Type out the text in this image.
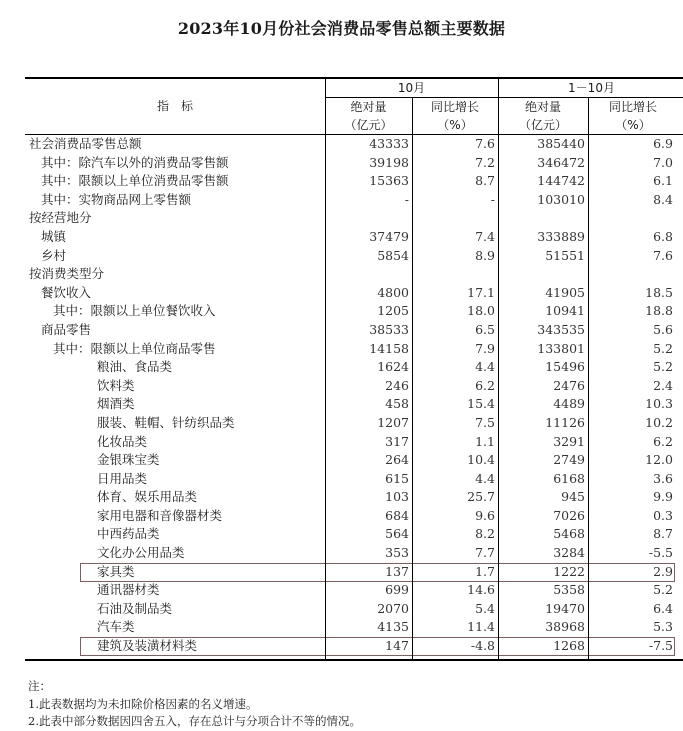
2023年10月份社会消费品零售总额主要数据
指　标
10月	1－10月
绝对量
（亿元）
同比增长
（%）
绝对量
（亿元）
同比增长
（%）
社会消费品零售总额	43333	7.6	385440	6.9
其中：除汽车以外的消费品零售额	39198	7.2	346472	7.0
其中：限额以上单位消费品零售额	15363	8.7	144742	6.1
其中：实物商品网上零售额	-	-	103010	8.4
按经营地分
城镇	37479	7.4	333889	6.8
乡村	5854	8.9	51551	7.6
按消费类型分
餐饮收入	4800	17.1	41905	18.5
其中：限额以上单位餐饮收入	1205	18.0	10941	18.8
商品零售	38533	6.5	343535	5.6
其中：限额以上单位商品零售	14158	7.9	133801	5.2
粮油、食品类	1624	4.4	15496	5.2
饮料类	246	6.2	2476	2.4
烟酒类	458	15.4	4489	10.3
服装、鞋帽、针纺织品类	1207	7.5	11126	10.2
化妆品类	317	1.1	3291	6.2
金银珠宝类	264	10.4	2749	12.0
日用品类	615	4.4	6168	3.6
体育、娱乐用品类	103	25.7	945	9.9
家用电器和音像器材类	684	9.6	7026	0.3
中西药品类	564	8.2	5468	8.7
文化办公用品类	353	7.7	3284	-5.5
家具类	137	1.7	1222	2.9
通讯器材类	699	14.6	5358	5.2
石油及制品类	2070	5.4	19470	6.4
汽车类	4135	11.4	38968	5.3
建筑及装潢材料类	147	-4.8	1268	-7.5
注：
1.此表数据均为未扣除价格因素的名义增速。
2.此表中部分数据因四舍五入，存在总计与分项合计不等的情况。
